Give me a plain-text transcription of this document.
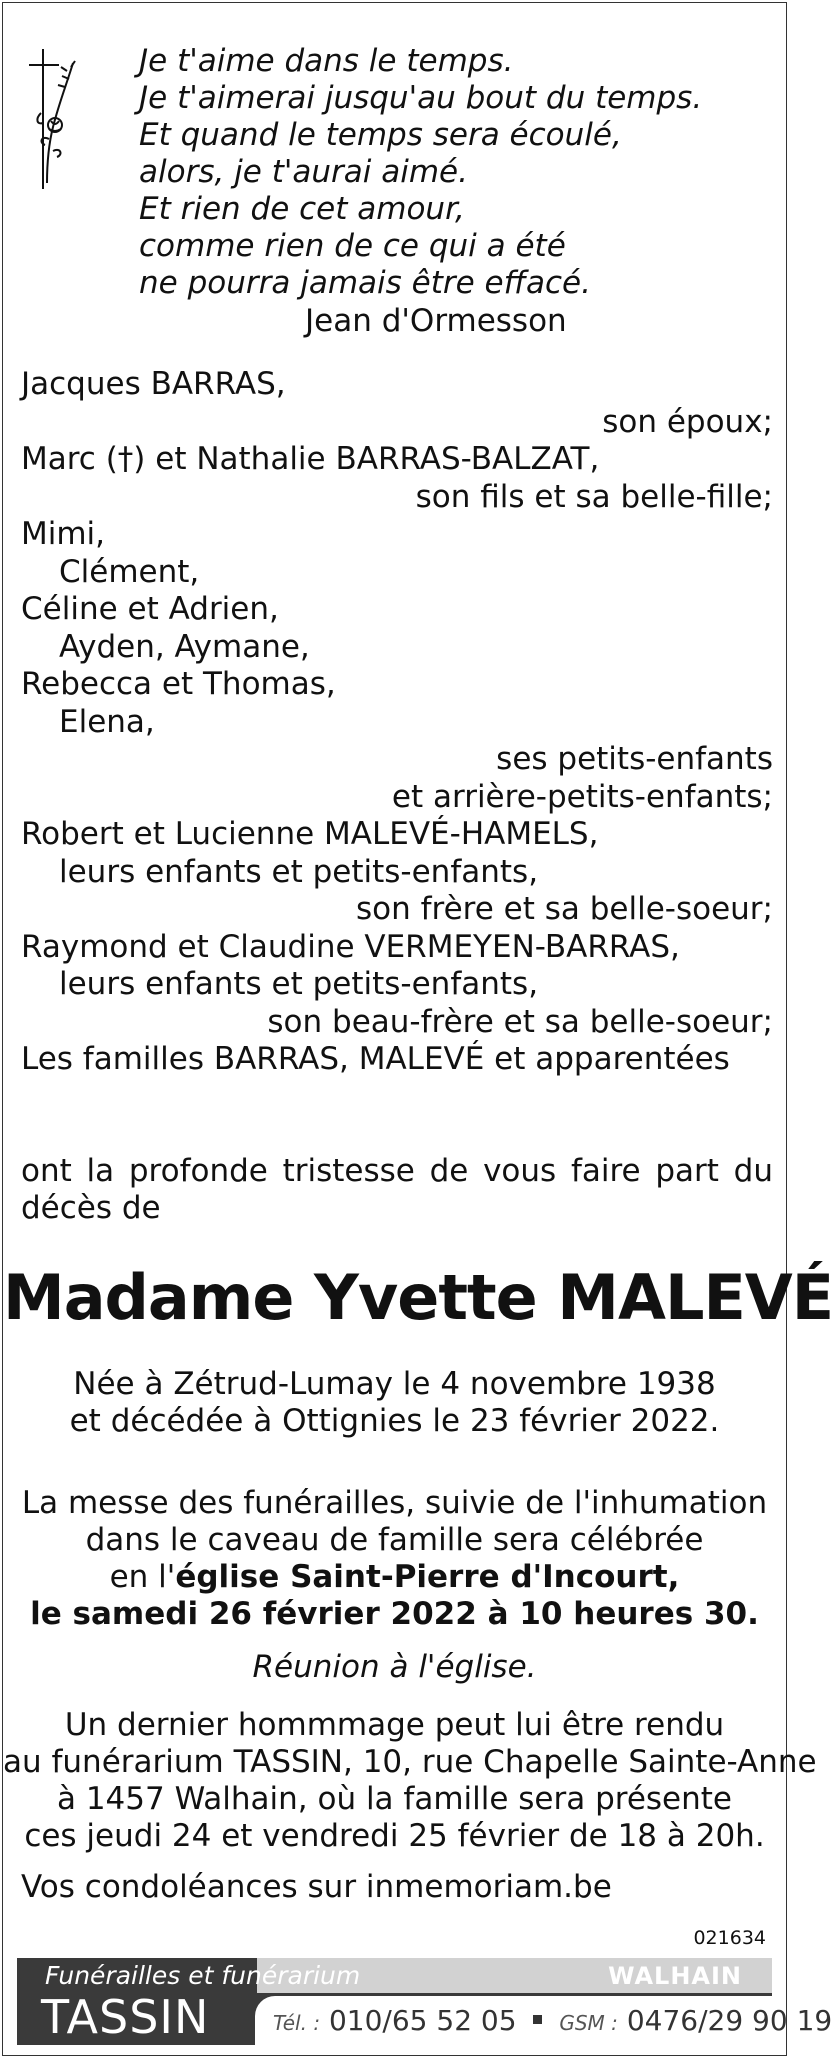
Je t'aime dans le temps.
Je t'aimerai jusqu'au bout du temps.
Et quand le temps sera écoulé,
alors, je t'aurai aimé.
Et rien de cet amour,
comme rien de ce qui a été
ne pourra jamais être effacé.
Jean d'Ormesson
Jacques BARRAS,
son époux;
Marc (†) et Nathalie BARRAS-BALZAT,
son fils et sa belle-fille;
Mimi,
Clément,
Céline et Adrien,
Ayden, Aymane,
Rebecca et Thomas,
Elena,
ses petits-enfants
et arrière-petits-enfants;
Robert et Lucienne MALEVÉ-HAMELS,
leurs enfants et petits-enfants,
son frère et sa belle-soeur;
Raymond et Claudine VERMEYEN-BARRAS,
leurs enfants et petits-enfants,
son beau-frère et sa belle-soeur;
Les familles BARRAS, MALEVÉ et apparentées
ont la profonde tristesse de vous faire part du
décès de
Madame Yvette MALEVÉ
Née à Zétrud-Lumay le 4 novembre 1938
et décédée à Ottignies le 23 février 2022.
La messe des funérailles, suivie de l'inhumation
dans le caveau de famille sera célébrée
en l'église Saint-Pierre d'Incourt,
le samedi 26 février 2022 à 10 heures 30.
Réunion à l'église.
Un dernier hommmage peut lui être rendu
au funérarium TASSIN, 10, rue Chapelle Sainte-Anne
à 1457 Walhain, où la famille sera présente
ces jeudi 24 et vendredi 25 février de 18 à 20h.
Vos condoléances sur inmemoriam.be
021634
Funérailles et funérarium
TASSIN
WALHAIN
Tél. : 010/65 52 05 GSM : 0476/29 90 19
